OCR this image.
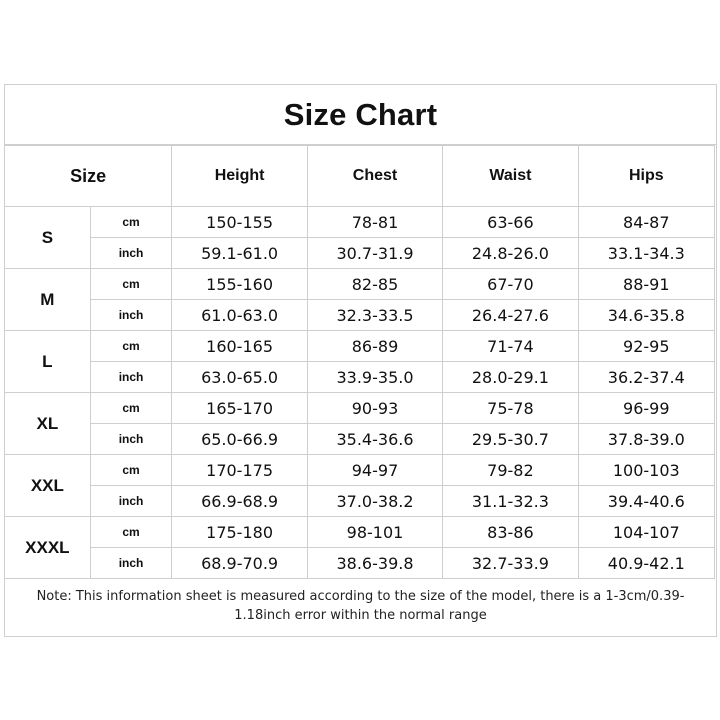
Size Chart
Size		Height	Chest	Waist	Hips
S	cm	150-155	78-81	63-66	84-87
	inch	59.1-61.0	30.7-31.9	24.8-26.0	33.1-34.3
M	cm	155-160	82-85	67-70	88-91
	inch	61.0-63.0	32.3-33.5	26.4-27.6	34.6-35.8
L	cm	160-165	86-89	71-74	92-95
	inch	63.0-65.0	33.9-35.0	28.0-29.1	36.2-37.4
XL	cm	165-170	90-93	75-78	96-99
	inch	65.0-66.9	35.4-36.6	29.5-30.7	37.8-39.0
XXL	cm	170-175	94-97	79-82	100-103
	inch	66.9-68.9	37.0-38.2	31.1-32.3	39.4-40.6
XXXL	cm	175-180	98-101	83-86	104-107
	inch	68.9-70.9	38.6-39.8	32.7-33.9	40.9-42.1
Note: This information sheet is measured according to the size of the model, there is a 1-3cm/0.39-1.18inch error within the normal range
